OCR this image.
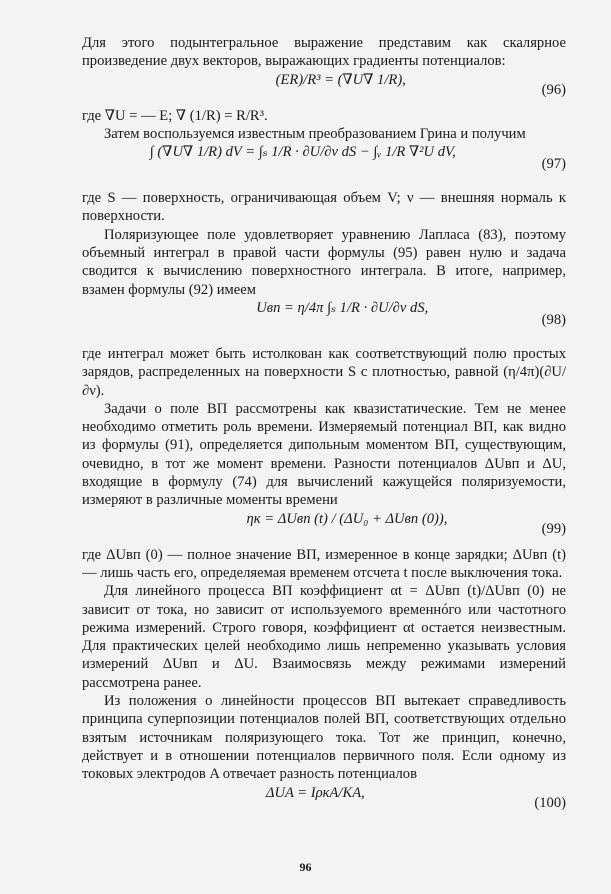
Для этого подынтегральное выражение представим как скалярное произведение двух векторов, выражающих градиенты потенциалов:

(ER)/R³ = (∇U∇ 1/R),
(96)

где ∇U = — E; ∇ (1/R) = R/R³.

Затем воспользуемся известным преобразованием Грина и получим

∫ (∇U∇ 1/R) dV = ∫ₛ 1/R · ∂U/∂ν dS − ∫ᵥ 1/R ∇²U dV,
(97)

где S — поверхность, ограничивающая объем V; ν — внешняя нормаль к поверхности.

Поляризующее поле удовлетворяет уравнению Лапласа (83), поэтому объемный интеграл в правой части формулы (95) равен нулю и задача сводится к вычислению поверхностного интеграла. В итоге, например, взамен формулы (92) имеем

Uвп = η/4π ∫ₛ 1/R · ∂U/∂ν dS,
(98)

где интеграл может быть истолкован как соответствующий полю простых зарядов, распределенных на поверхности S с плотностью, равной (η/4π)(∂U/∂ν).

Задачи о поле ВП рассмотрены как квазистатические. Тем не менее необходимо отметить роль времени. Измеряемый потенциал ВП, как видно из формулы (91), определяется дипольным моментом ВП, существующим, очевидно, в тот же момент времени. Разности потенциалов ΔUвп и ΔU, входящие в формулу (74) для вычислений кажущейся поляризуемости, измеряют в различные моменты времени

ηк = ΔUвп (t) / (ΔU₀ + ΔUвп (0)),
(99)

где ΔUвп (0) — полное значение ВП, измеренное в конце зарядки; ΔUвп (t) — лишь часть его, определяемая временем отсчета t после выключения тока.

Для линейного процесса ВП коэффициент αt = ΔUвп (t)/ΔUвп (0) не зависит от тока, но зависит от используемого временнóго или частотного режима измерений. Строго говоря, коэффициент αt остается неизвестным. Для практических целей необходимо лишь непременно указывать условия измерений ΔUвп и ΔU. Взаимосвязь между режимами измерений рассмотрена ранее.

Из положения о линейности процессов ВП вытекает справедливость принципа суперпозиции потенциалов полей ВП, соответствующих отдельно взятым источникам поляризующего тока. Тот же принцип, конечно, действует и в отношении потенциалов первичного поля. Если одному из токовых электродов A отвечает разность потенциалов

ΔUA = IρкA/KA,
(100)
96
